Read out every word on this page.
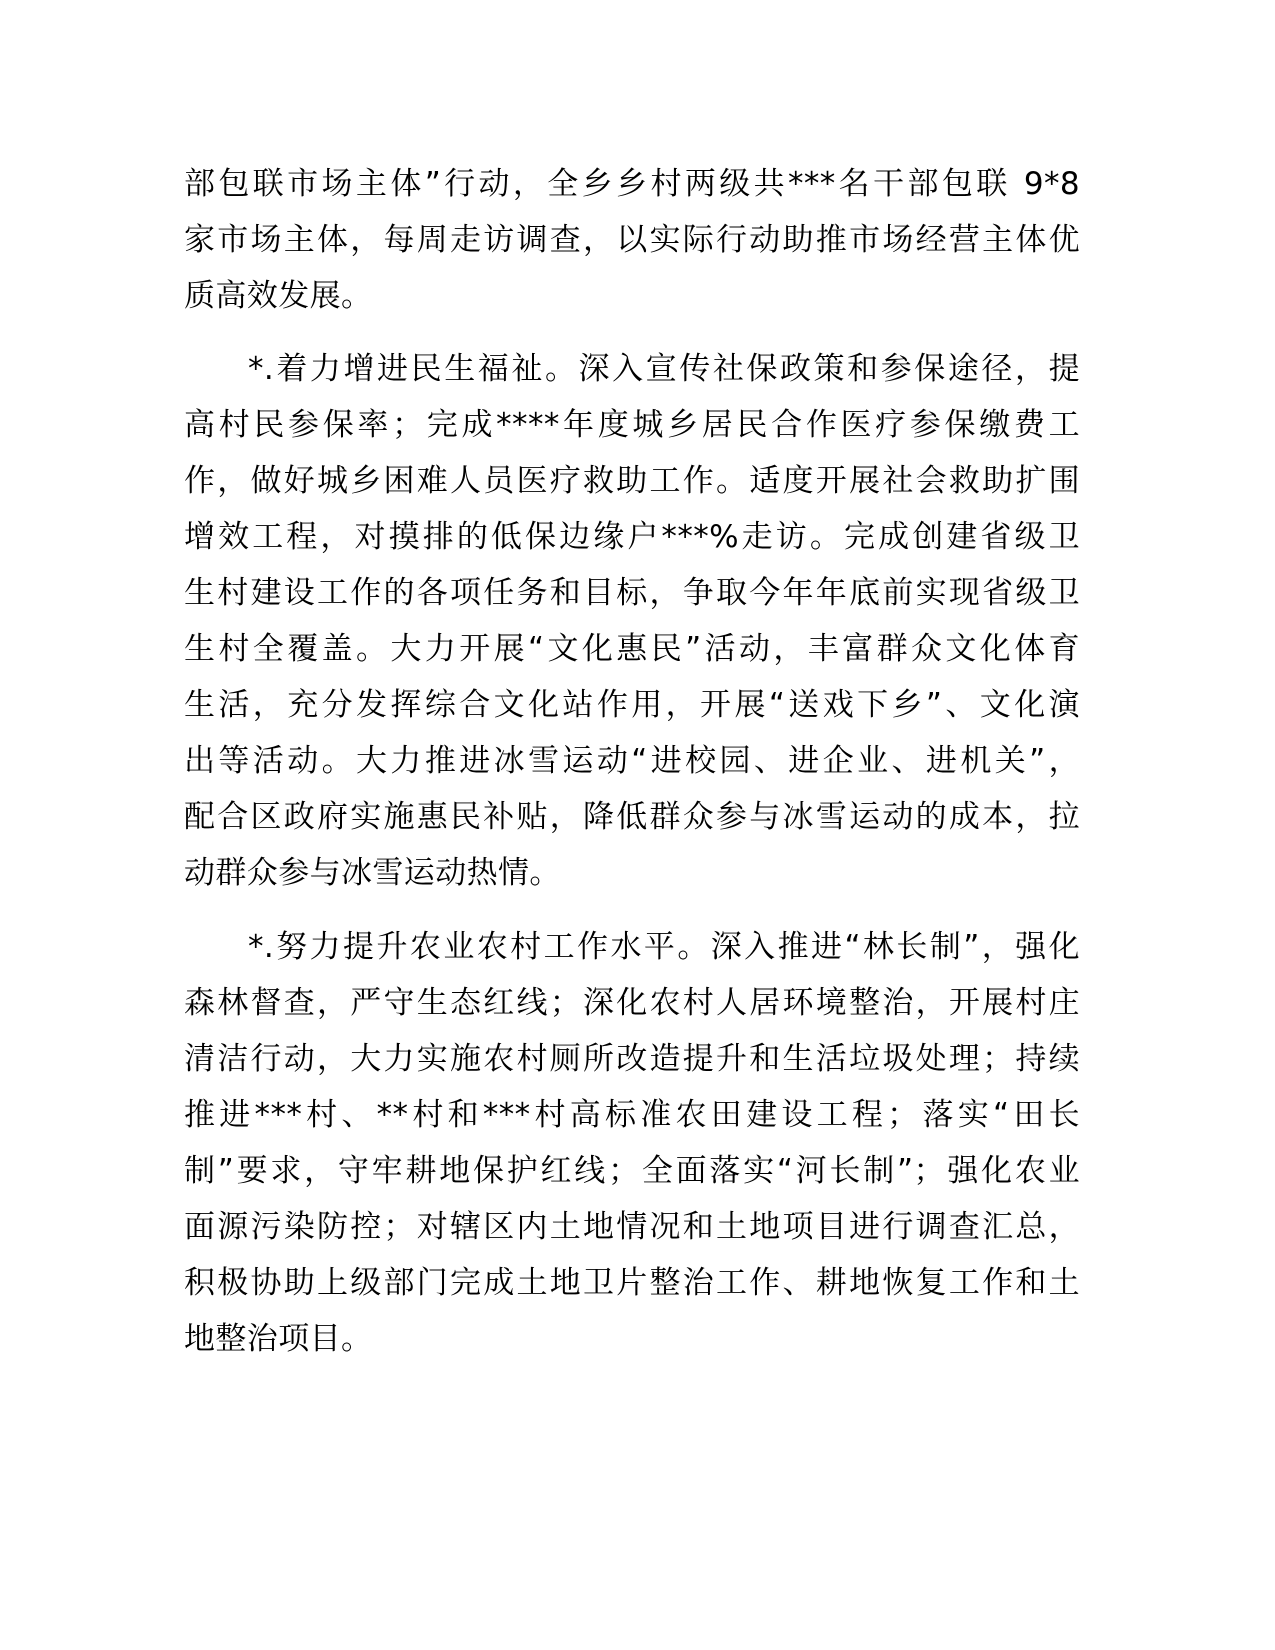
部包联市场主体”行动，全乡乡村两级共***名干部包联 9*8
家市场主体，每周走访调查，以实际行动助推市场经营主体优
质高效发展。
*.着力增进民生福祉。深入宣传社保政策和参保途径，提
高村民参保率；完成****年度城乡居民合作医疗参保缴费工
作，做好城乡困难人员医疗救助工作。适度开展社会救助扩围
增效工程，对摸排的低保边缘户***%走访。完成创建省级卫
生村建设工作的各项任务和目标，争取今年年底前实现省级卫
生村全覆盖。大力开展“文化惠民”活动，丰富群众文化体育
生活，充分发挥综合文化站作用，开展“送戏下乡”、文化演
出等活动。大力推进冰雪运动“进校园、进企业、进机关”，
配合区政府实施惠民补贴，降低群众参与冰雪运动的成本，拉
动群众参与冰雪运动热情。
*.努力提升农业农村工作水平。深入推进“林长制”，强化
森林督查，严守生态红线；深化农村人居环境整治，开展村庄
清洁行动，大力实施农村厕所改造提升和生活垃圾处理；持续
推进***村、**村和***村高标准农田建设工程；落实“田长
制”要求，守牢耕地保护红线；全面落实“河长制”；强化农业
面源污染防控；对辖区内土地情况和土地项目进行调查汇总，
积极协助上级部门完成土地卫片整治工作、耕地恢复工作和土
地整治项目。
